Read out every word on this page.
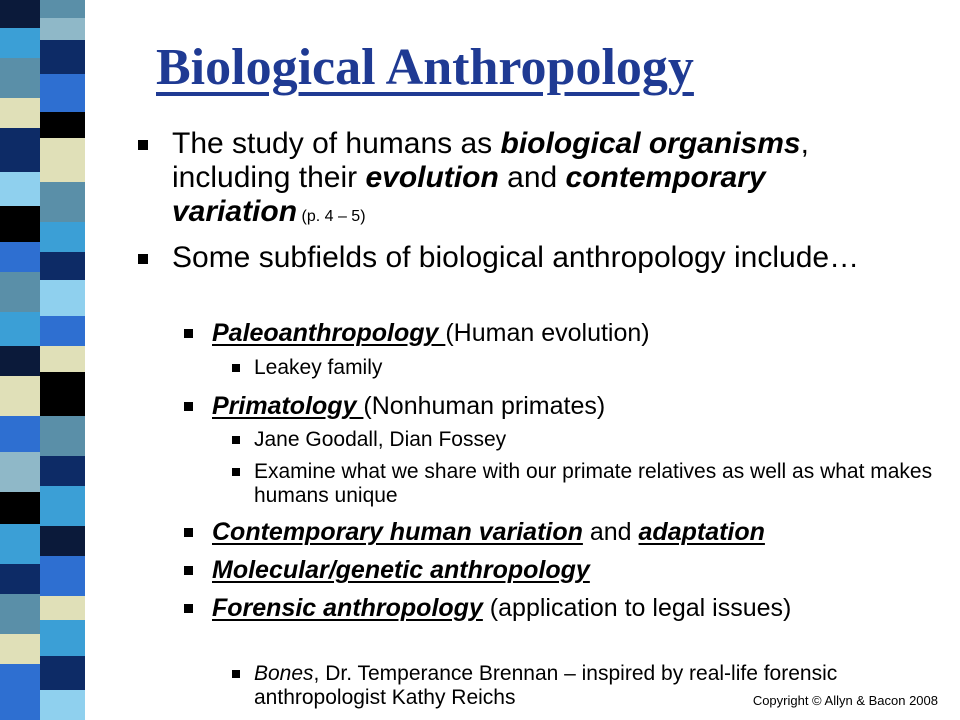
Biological Anthropology

The study of humans as biological organisms, including their evolution and contemporary variation (p. 4 – 5)

Some subfields of biological anthropology include…

Paleoanthropology (Human evolution)

Leakey family

Primatology (Nonhuman primates)

Jane Goodall, Dian Fossey

Examine what we share with our primate relatives as well as what makes humans unique

Contemporary human variation and adaptation

Molecular/genetic anthropology

Forensic anthropology (application to legal issues)

Bones, Dr. Temperance Brennan – inspired by real-life forensic anthropologist Kathy Reichs	Copyright © Allyn & Bacon 2008
